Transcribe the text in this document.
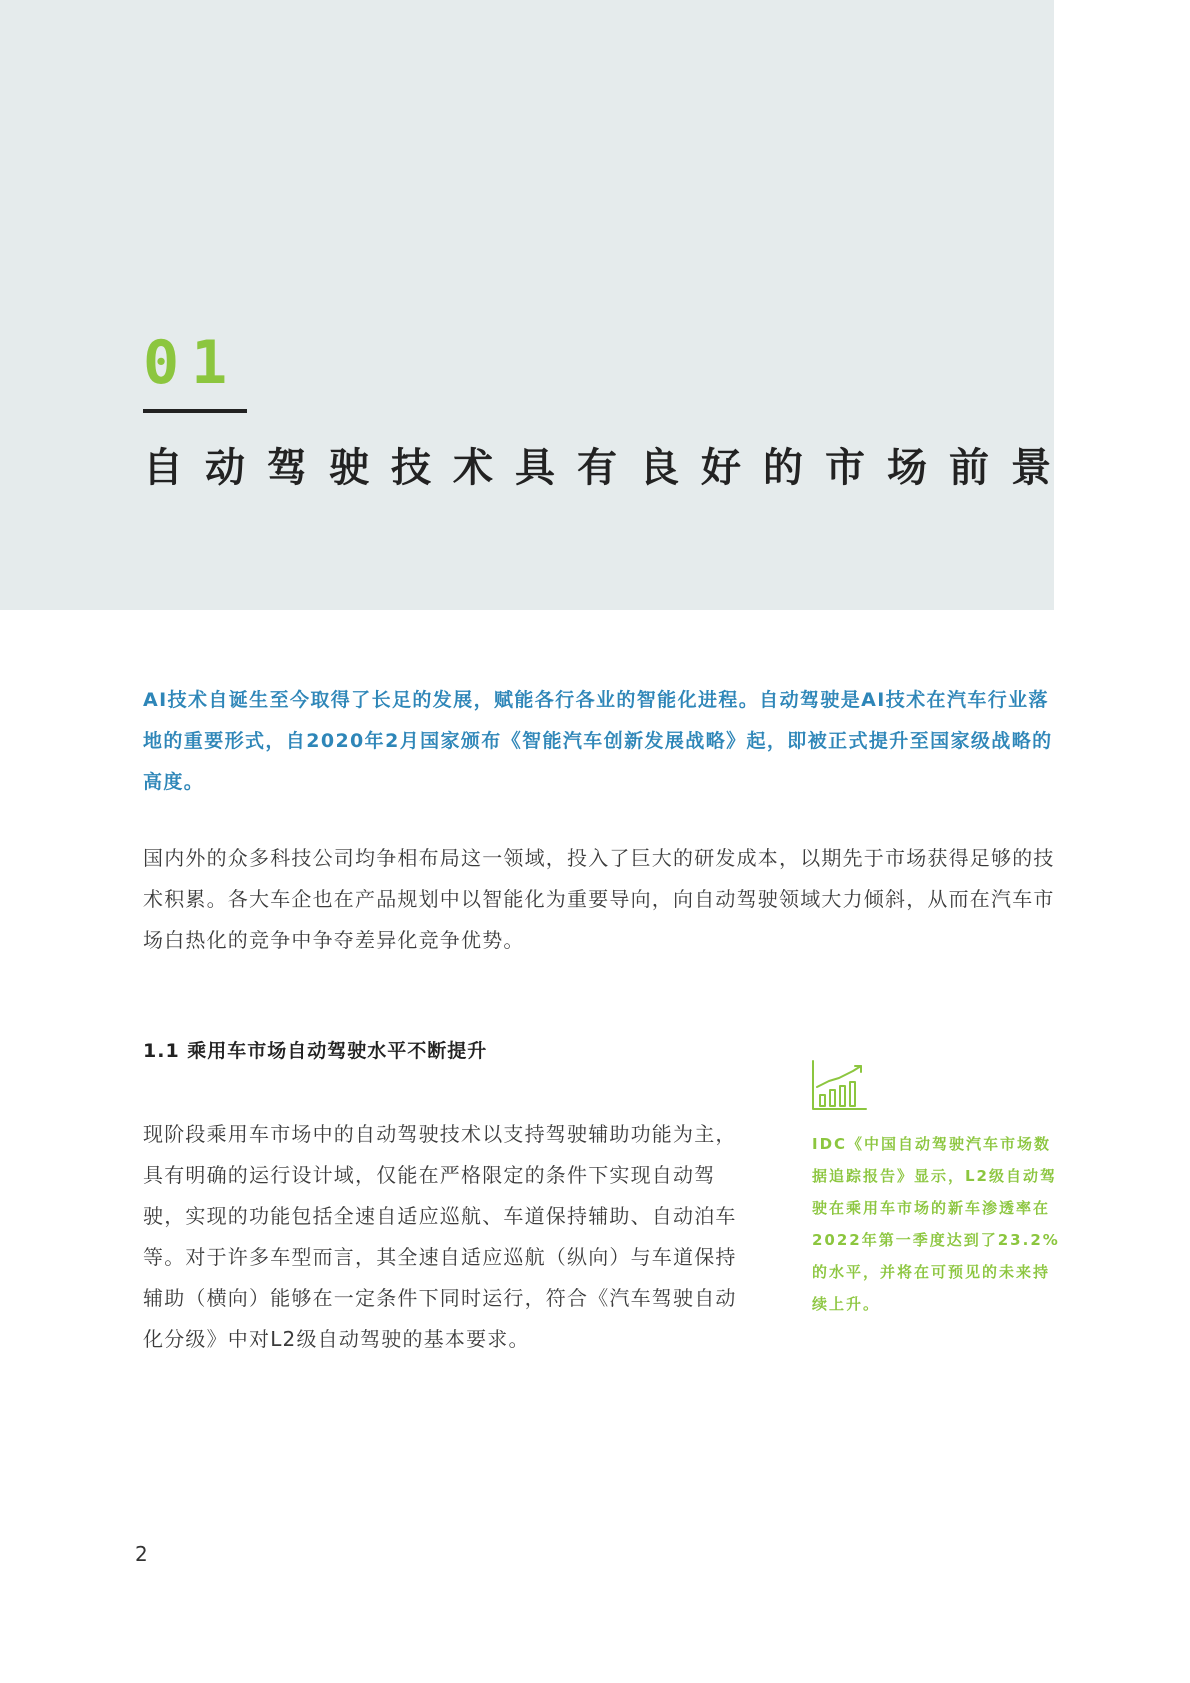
01
自动驾驶技术具有良好的市场前景

AI技术自诞生至今取得了长足的发展，赋能各行各业的智能化进程。自动驾驶是AI技术在汽车行业落地的重要形式，自2020年2月国家颁布《智能汽车创新发展战略》起，即被正式提升至国家级战略的高度。

国内外的众多科技公司均争相布局这一领域，投入了巨大的研发成本，以期先于市场获得足够的技术积累。各大车企也在产品规划中以智能化为重要导向，向自动驾驶领域大力倾斜，从而在汽车市场白热化的竞争中争夺差异化竞争优势。

1.1 乘用车市场自动驾驶水平不断提升

现阶段乘用车市场中的自动驾驶技术以支持驾驶辅助功能为主，具有明确的运行设计域，仅能在严格限定的条件下实现自动驾驶，实现的功能包括全速自适应巡航、车道保持辅助、自动泊车等。对于许多车型而言，其全速自适应巡航（纵向）与车道保持辅助（横向）能够在一定条件下同时运行，符合《汽车驾驶自动化分级》中对L2级自动驾驶的基本要求。

IDC《中国自动驾驶汽车市场数据追踪报告》显示，L2级自动驾驶在乘用车市场的新车渗透率在2022年第一季度达到了23.2%的水平，并将在可预见的未来持续上升。

2
